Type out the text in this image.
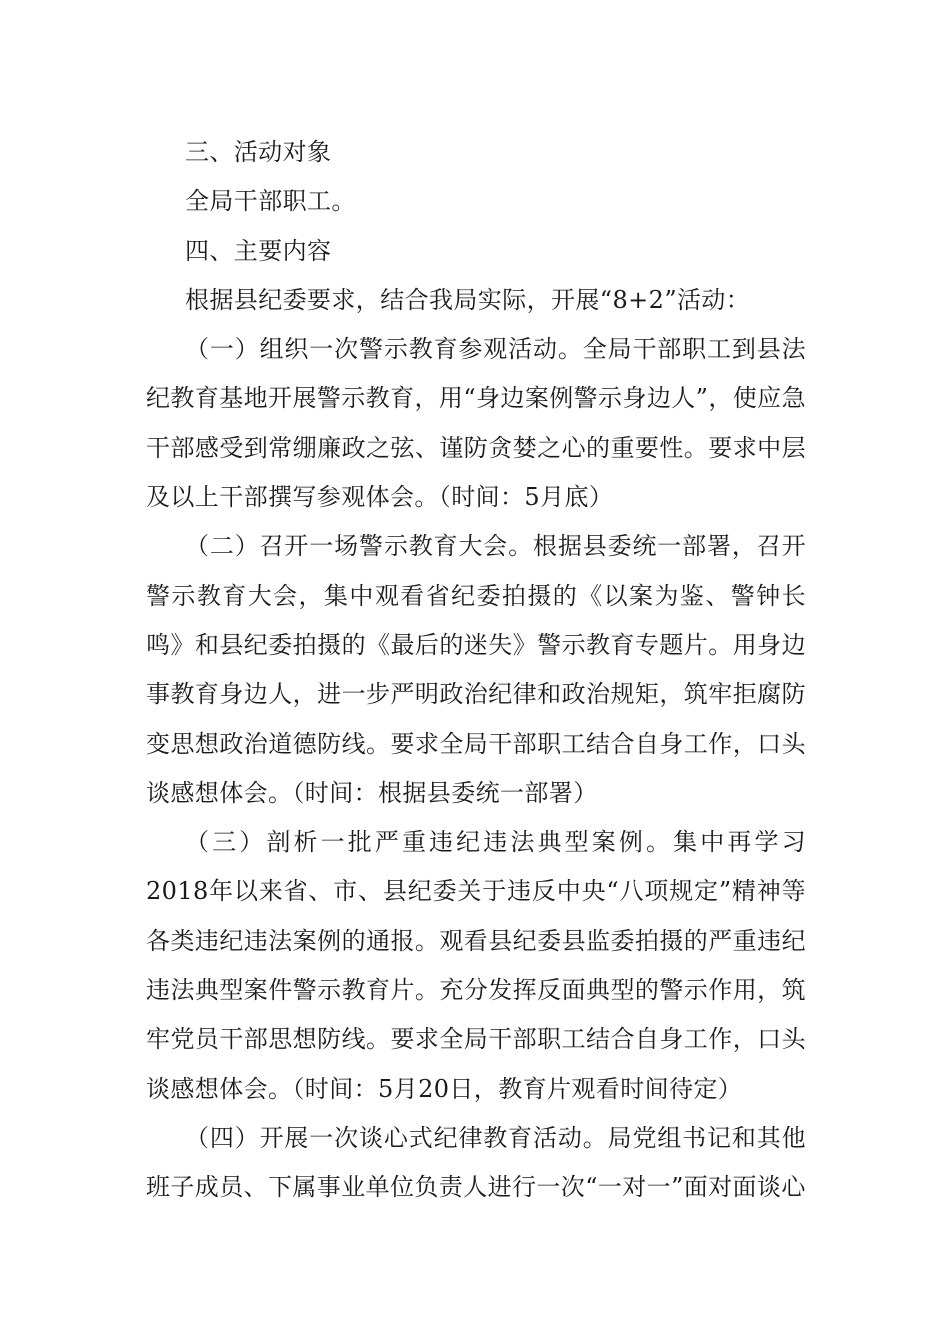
三、活动对象

全局干部职工。

四、主要内容

根据县纪委要求，结合我局实际，开展“8+2”活动：

（一）组织一次警示教育参观活动。全局干部职工到县法纪教育基地开展警示教育，用“身边案例警示身边人”，使应急干部感受到常绷廉政之弦、谨防贪婪之心的重要性。要求中层及以上干部撰写参观体会。（时间：5月底）

（二）召开一场警示教育大会。根据县委统一部署，召开警示教育大会，集中观看省纪委拍摄的《以案为鉴、警钟长鸣》和县纪委拍摄的《最后的迷失》警示教育专题片。用身边事教育身边人，进一步严明政治纪律和政治规矩，筑牢拒腐防变思想政治道德防线。要求全局干部职工结合自身工作，口头谈感想体会。（时间：根据县委统一部署）

（三）剖析一批严重违纪违法典型案例。集中再学习2018年以来省、市、县纪委关于违反中央“八项规定”精神等各类违纪违法案例的通报。观看县纪委县监委拍摄的严重违纪违法典型案件警示教育片。充分发挥反面典型的警示作用，筑牢党员干部思想防线。要求全局干部职工结合自身工作，口头谈感想体会。（时间：5月20日，教育片观看时间待定）

（四）开展一次谈心式纪律教育活动。局党组书记和其他班子成员、下属事业单位负责人进行一次“一对一”面对面谈心
